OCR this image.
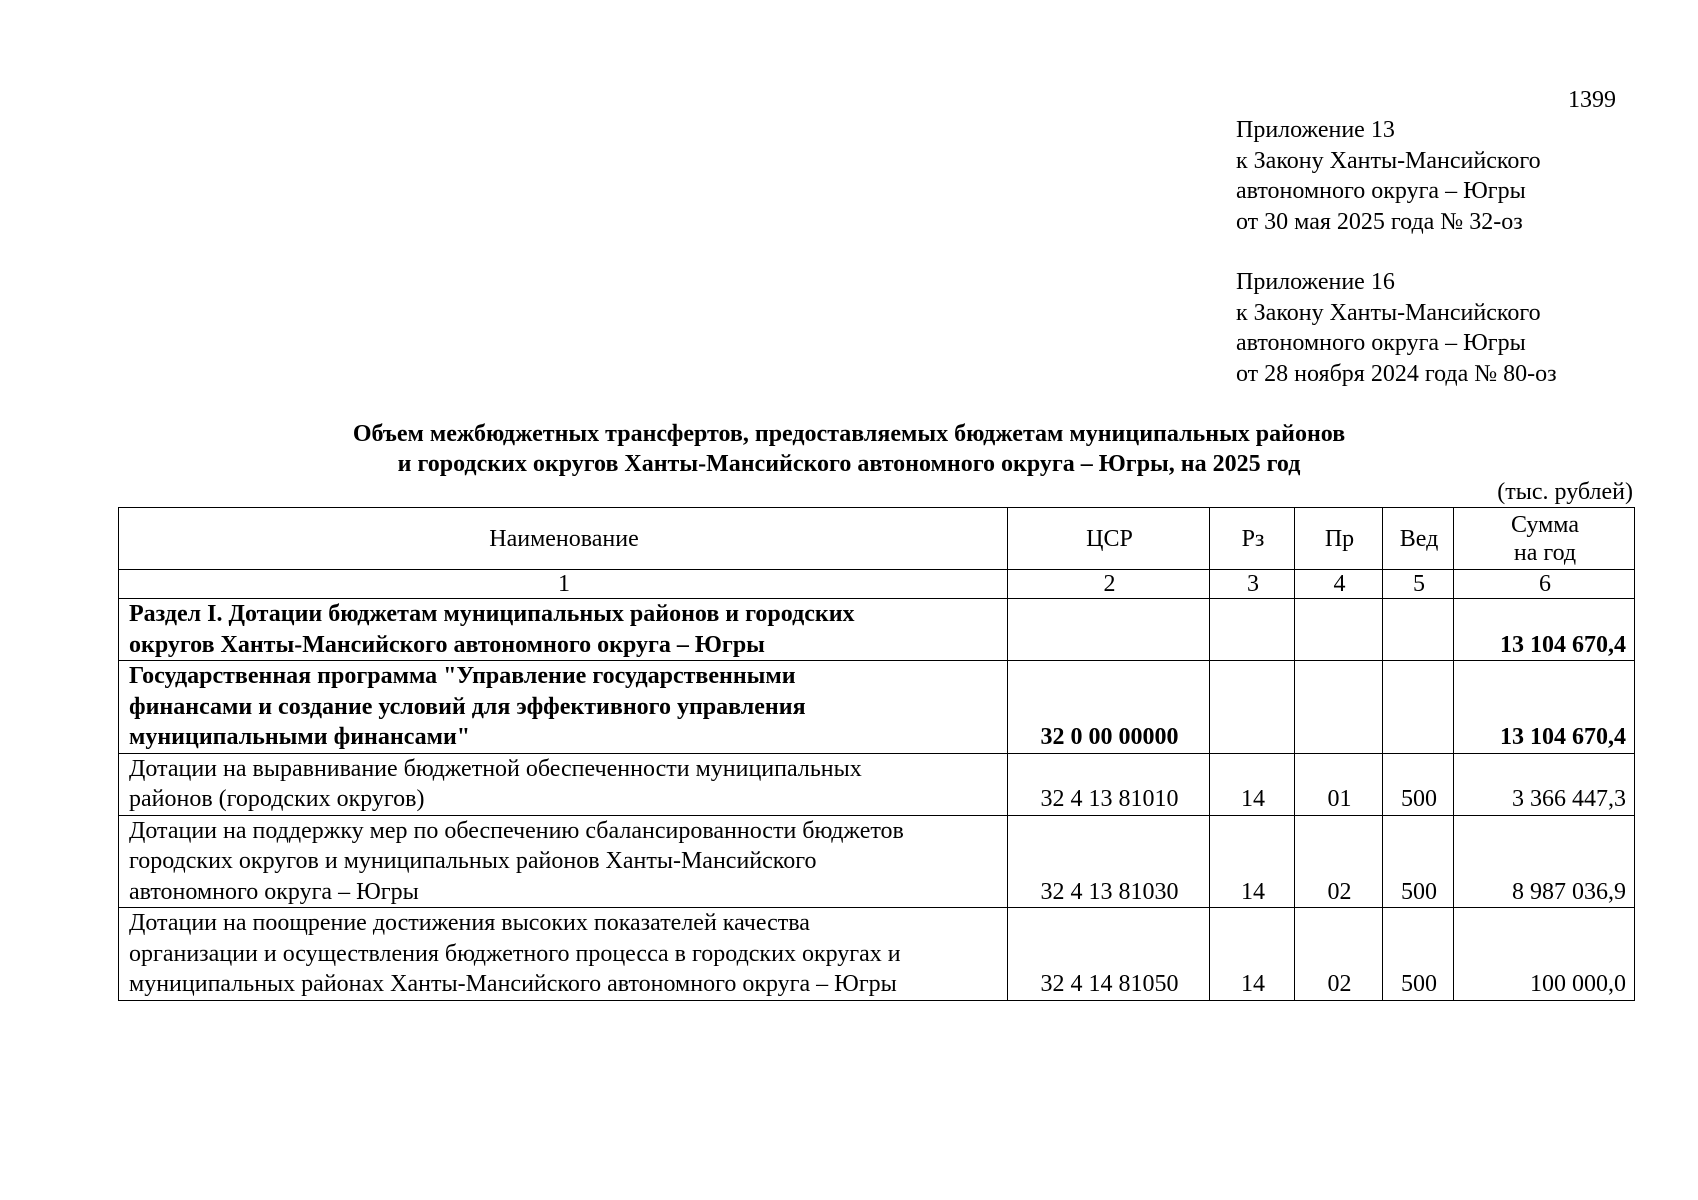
1399
Приложение 13
к Закону Ханты-Мансийского
автономного округа – Югры
от 30 мая 2025 года № 32-оз
Приложение 16
к Закону Ханты-Мансийского
автономного округа – Югры
от 28 ноября 2024 года № 80-оз
Объем межбюджетных трансфертов, предоставляемых бюджетам муниципальных районов
и городских округов Ханты-Мансийского автономного округа – Югры, на 2025 год
(тыс. рублей)
Наименование	ЦСР	Рз	Пр	Вед	Сумма
на год
1	2	3	4	5	6
Раздел I. Дотации бюджетам муниципальных районов и городских
округов Ханты-Мансийского автономного округа – Югры					13 104 670,4
Государственная программа "Управление государственными
финансами и создание условий для эффективного управления
муниципальными финансами"	32 0 00 00000				13 104 670,4
Дотации на выравнивание бюджетной обеспеченности муниципальных
районов (городских округов)	32 4 13 81010	14	01	500	3 366 447,3
Дотации на поддержку мер по обеспечению сбалансированности бюджетов
городских округов и муниципальных районов Ханты-Мансийского
автономного округа – Югры	32 4 13 81030	14	02	500	8 987 036,9
Дотации на поощрение достижения высоких показателей качества
организации и осуществления бюджетного процесса в городских округах и
муниципальных районах Ханты-Мансийского автономного округа – Югры	32 4 14 81050	14	02	500	100 000,0
